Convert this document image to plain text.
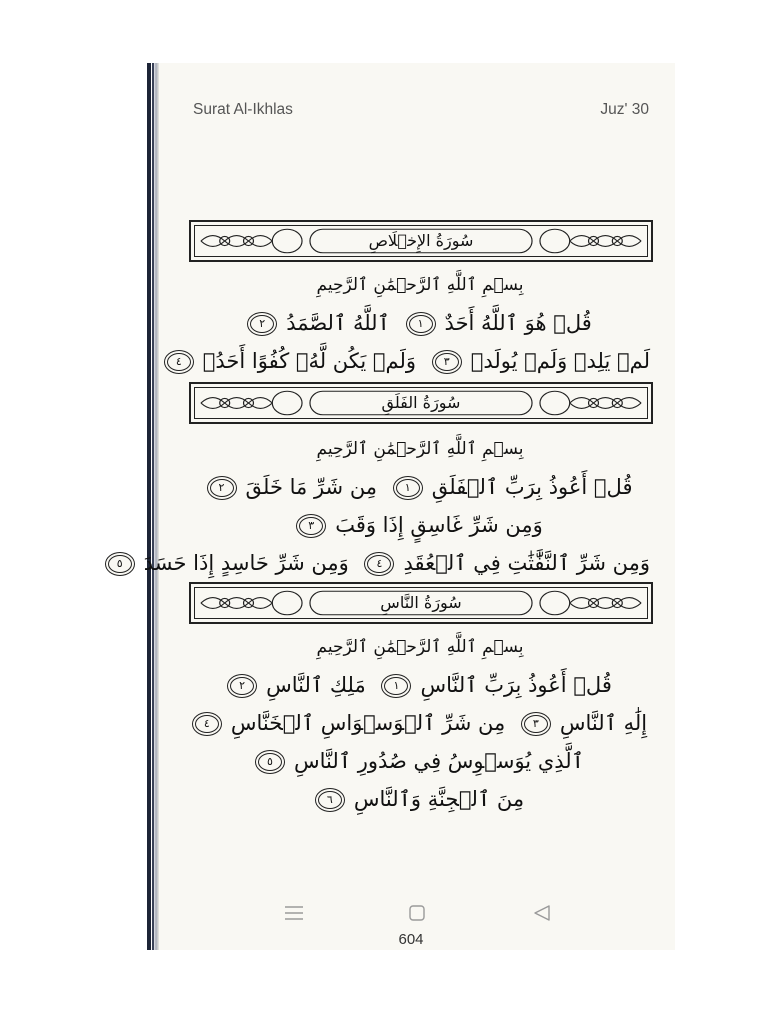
Surat Al-Ikhlas	Juz' 30
سُورَةُ الإِخۡلَاصِ
بِسۡمِ ٱللَّهِ ٱلرَّحۡمَٰنِ ٱلرَّحِيمِ
قُلۡ هُوَ ٱللَّهُ أَحَدٌ١ ٱللَّهُ ٱلصَّمَدُ٢
لَمۡ يَلِدۡ وَلَمۡ يُولَدۡ٣ وَلَمۡ يَكُن لَّهُۥ كُفُوًا أَحَدُۢ٤
سُورَةُ الفَلَقِ
بِسۡمِ ٱللَّهِ ٱلرَّحۡمَٰنِ ٱلرَّحِيمِ
قُلۡ أَعُوذُ بِرَبِّ ٱلۡفَلَقِ١ مِن شَرِّ مَا خَلَقَ٢
وَمِن شَرِّ غَاسِقٍ إِذَا وَقَبَ٣
وَمِن شَرِّ ٱلنَّفَّٰثَٰتِ فِي ٱلۡعُقَدِ٤ وَمِن شَرِّ حَاسِدٍ إِذَا حَسَدَ٥
سُورَةُ النَّاسِ
بِسۡمِ ٱللَّهِ ٱلرَّحۡمَٰنِ ٱلرَّحِيمِ
قُلۡ أَعُوذُ بِرَبِّ ٱلنَّاسِ١ مَلِكِ ٱلنَّاسِ٢
إِلَٰهِ ٱلنَّاسِ٣ مِن شَرِّ ٱلۡوَسۡوَاسِ ٱلۡخَنَّاسِ٤
ٱلَّذِي يُوَسۡوِسُ فِي صُدُورِ ٱلنَّاسِ٥
مِنَ ٱلۡجِنَّةِ وَٱلنَّاسِ٦
604
